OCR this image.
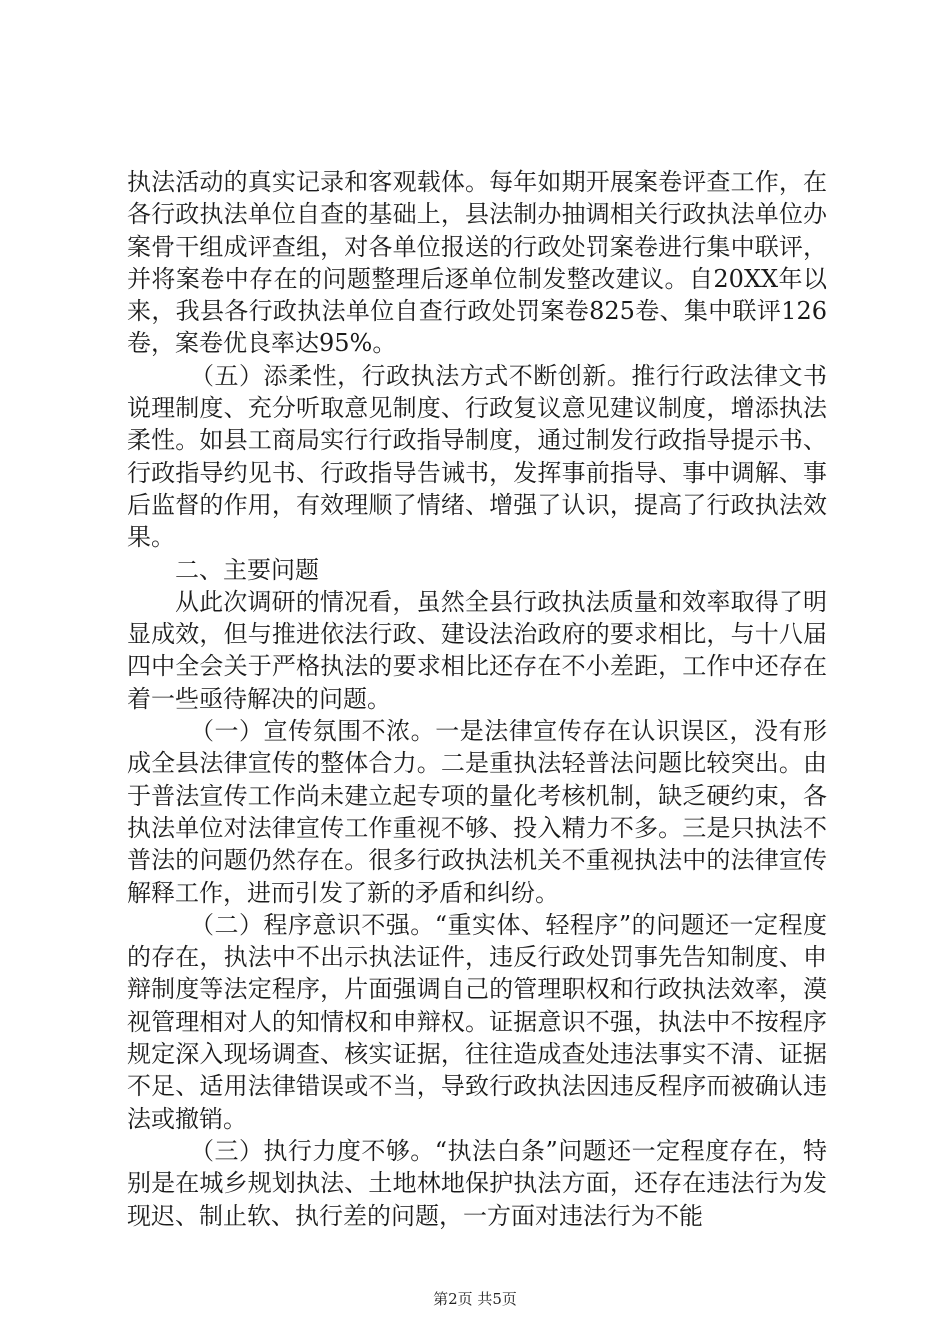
执法活动的真实记录和客观载体。每年如期开展案卷评查工作，在各行政执法单位自查的基础上，县法制办抽调相关行政执法单位办案骨干组成评查组，对各单位报送的行政处罚案卷进行集中联评，并将案卷中存在的问题整理后逐单位制发整改建议。自20XX年以来，我县各行政执法单位自查行政处罚案卷825卷、集中联评126卷，案卷优良率达95%。

（五）添柔性，行政执法方式不断创新。推行行政法律文书说理制度、充分听取意见制度、行政复议意见建议制度，增添执法柔性。如县工商局实行行政指导制度，通过制发行政指导提示书、行政指导约见书、行政指导告诫书，发挥事前指导、事中调解、事后监督的作用，有效理顺了情绪、增强了认识，提高了行政执法效果。

二、主要问题

从此次调研的情况看，虽然全县行政执法质量和效率取得了明显成效，但与推进依法行政、建设法治政府的要求相比，与十八届四中全会关于严格执法的要求相比还存在不小差距，工作中还存在着一些亟待解决的问题。

（一）宣传氛围不浓。一是法律宣传存在认识误区，没有形成全县法律宣传的整体合力。二是重执法轻普法问题比较突出。由于普法宣传工作尚未建立起专项的量化考核机制，缺乏硬约束，各执法单位对法律宣传工作重视不够、投入精力不多。三是只执法不普法的问题仍然存在。很多行政执法机关不重视执法中的法律宣传解释工作，进而引发了新的矛盾和纠纷。

（二）程序意识不强。“重实体、轻程序”的问题还一定程度的存在，执法中不出示执法证件，违反行政处罚事先告知制度、申辩制度等法定程序，片面强调自己的管理职权和行政执法效率，漠视管理相对人的知情权和申辩权。证据意识不强，执法中不按程序规定深入现场调查、核实证据，往往造成查处违法事实不清、证据不足、适用法律错误或不当，导致行政执法因违反程序而被确认违法或撤销。

（三）执行力度不够。“执法白条”问题还一定程度存在，特别是在城乡规划执法、土地林地保护执法方面，还存在违法行为发现迟、制止软、执行差的问题，一方面对违法行为不能

第2页 共5页
